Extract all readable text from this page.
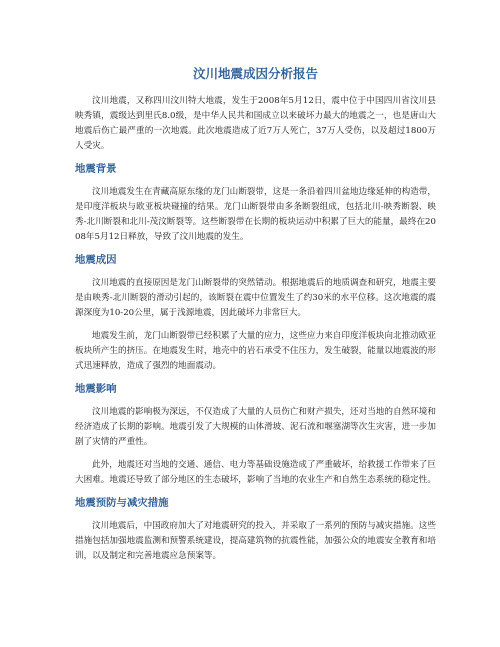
汶川地震成因分析报告

汶川地震，又称四川汶川特大地震，发生于2008年5月12日，震中位于中国四川省汶川县映秀镇，震级达到里氏8.0级，是中华人民共和国成立以来破坏力最大的地震之一，也是唐山大地震后伤亡最严重的一次地震。此次地震造成了近7万人死亡，37万人受伤，以及超过1800万人受灾。

地震背景

汶川地震发生在青藏高原东缘的龙门山断裂带，这是一条沿着四川盆地边缘延伸的构造带，是印度洋板块与欧亚板块碰撞的结果。龙门山断裂带由多条断裂组成，包括北川-映秀断裂、映秀-北川断裂和北川-茂汶断裂等。这些断裂带在长期的板块运动中积累了巨大的能量，最终在2008年5月12日释放，导致了汶川地震的发生。

地震成因

汶川地震的直接原因是龙门山断裂带的突然错动。根据地震后的地质调查和研究，地震主要是由映秀-北川断裂的滑动引起的，该断裂在震中位置发生了约30米的水平位移。这次地震的震源深度为10-20公里，属于浅源地震，因此破坏力非常巨大。

地震发生前，龙门山断裂带已经积累了大量的应力，这些应力来自印度洋板块向北推动欧亚板块所产生的挤压。在地震发生时，地壳中的岩石承受不住压力，发生破裂，能量以地震波的形式迅速释放，造成了强烈的地面震动。

地震影响

汶川地震的影响极为深远，不仅造成了大量的人员伤亡和财产损失，还对当地的自然环境和经济造成了长期的影响。地震引发了大规模的山体滑坡、泥石流和堰塞湖等次生灾害，进一步加剧了灾情的严重性。

此外，地震还对当地的交通、通信、电力等基础设施造成了严重破坏，给救援工作带来了巨大困难。地震还导致了部分地区的生态破坏，影响了当地的农业生产和自然生态系统的稳定性。

地震预防与减灾措施

汶川地震后，中国政府加大了对地震研究的投入，并采取了一系列的预防与减灾措施。这些措施包括加强地震监测和预警系统建设，提高建筑物的抗震性能，加强公众的地震安全教育和培训，以及制定和完善地震应急预案等。
